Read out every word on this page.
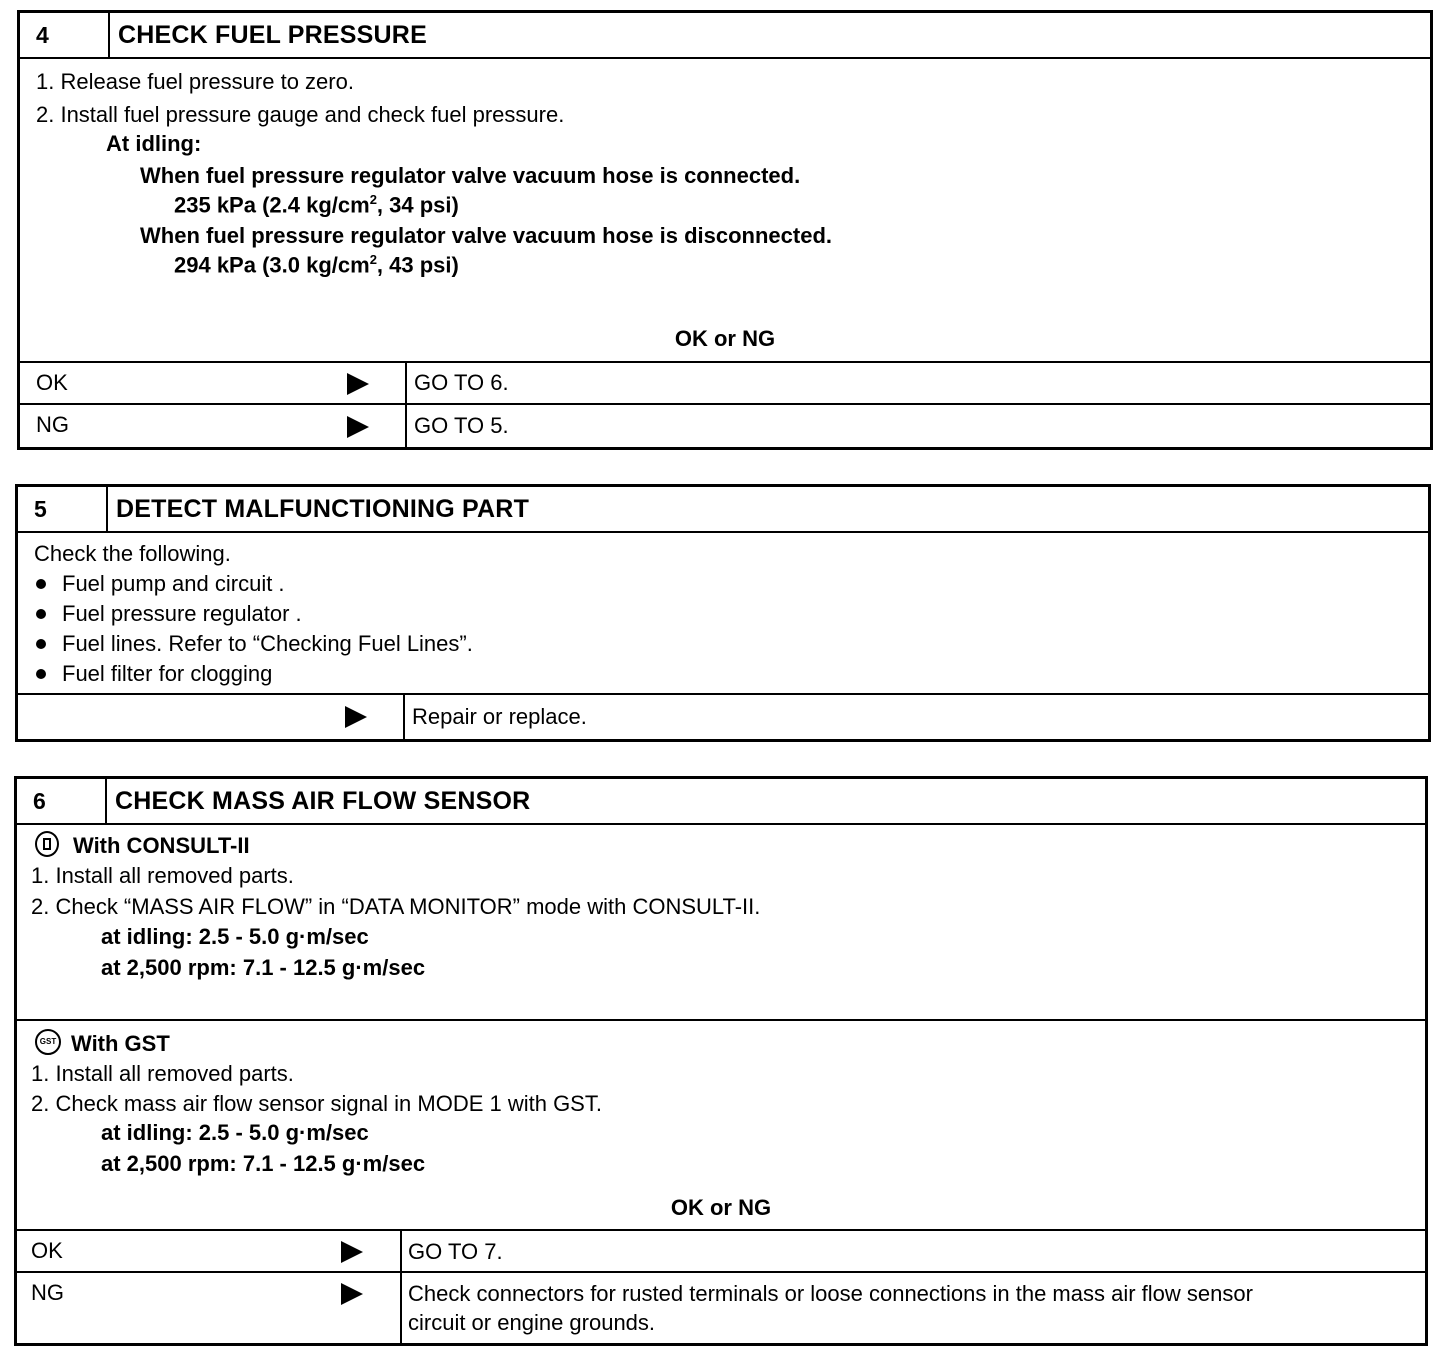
4	CHECK FUEL PRESSURE
1. Release fuel pressure to zero.
2. Install fuel pressure gauge and check fuel pressure.
At idling:
When fuel pressure regulator valve vacuum hose is connected.
235 kPa (2.4 $kg/cm^2$, 34 psi)
When fuel pressure regulator valve vacuum hose is disconnected.
294 kPa (3.0 $kg/cm^2$, 43 psi)
OK or NG
OK	GO TO 6.
NG	GO TO 5.
5	DETECT MALFUNCTIONING PART
Check the following.
Fuel pump and circuit .
Fuel pressure regulator .
Fuel lines. Refer to “Checking Fuel Lines”.
Fuel filter for clogging
Repair or replace.
6	CHECK MASS AIR FLOW SENSOR
With CONSULT-II
1. Install all removed parts.
2. Check “MASS AIR FLOW” in “DATA MONITOR” mode with CONSULT-II.
at idling: 2.5 - 5.0 g·m/sec
at 2,500 rpm: 7.1 - 12.5 g·m/sec
GST With GST
1. Install all removed parts.
2. Check mass air flow sensor signal in MODE 1 with GST.
at idling: 2.5 - 5.0 g·m/sec
at 2,500 rpm: 7.1 - 12.5 g·m/sec
OK or NG
OK	GO TO 7.
NG	Check connectors for rusted terminals or loose connections in the mass air flow sensor
circuit or engine grounds.
